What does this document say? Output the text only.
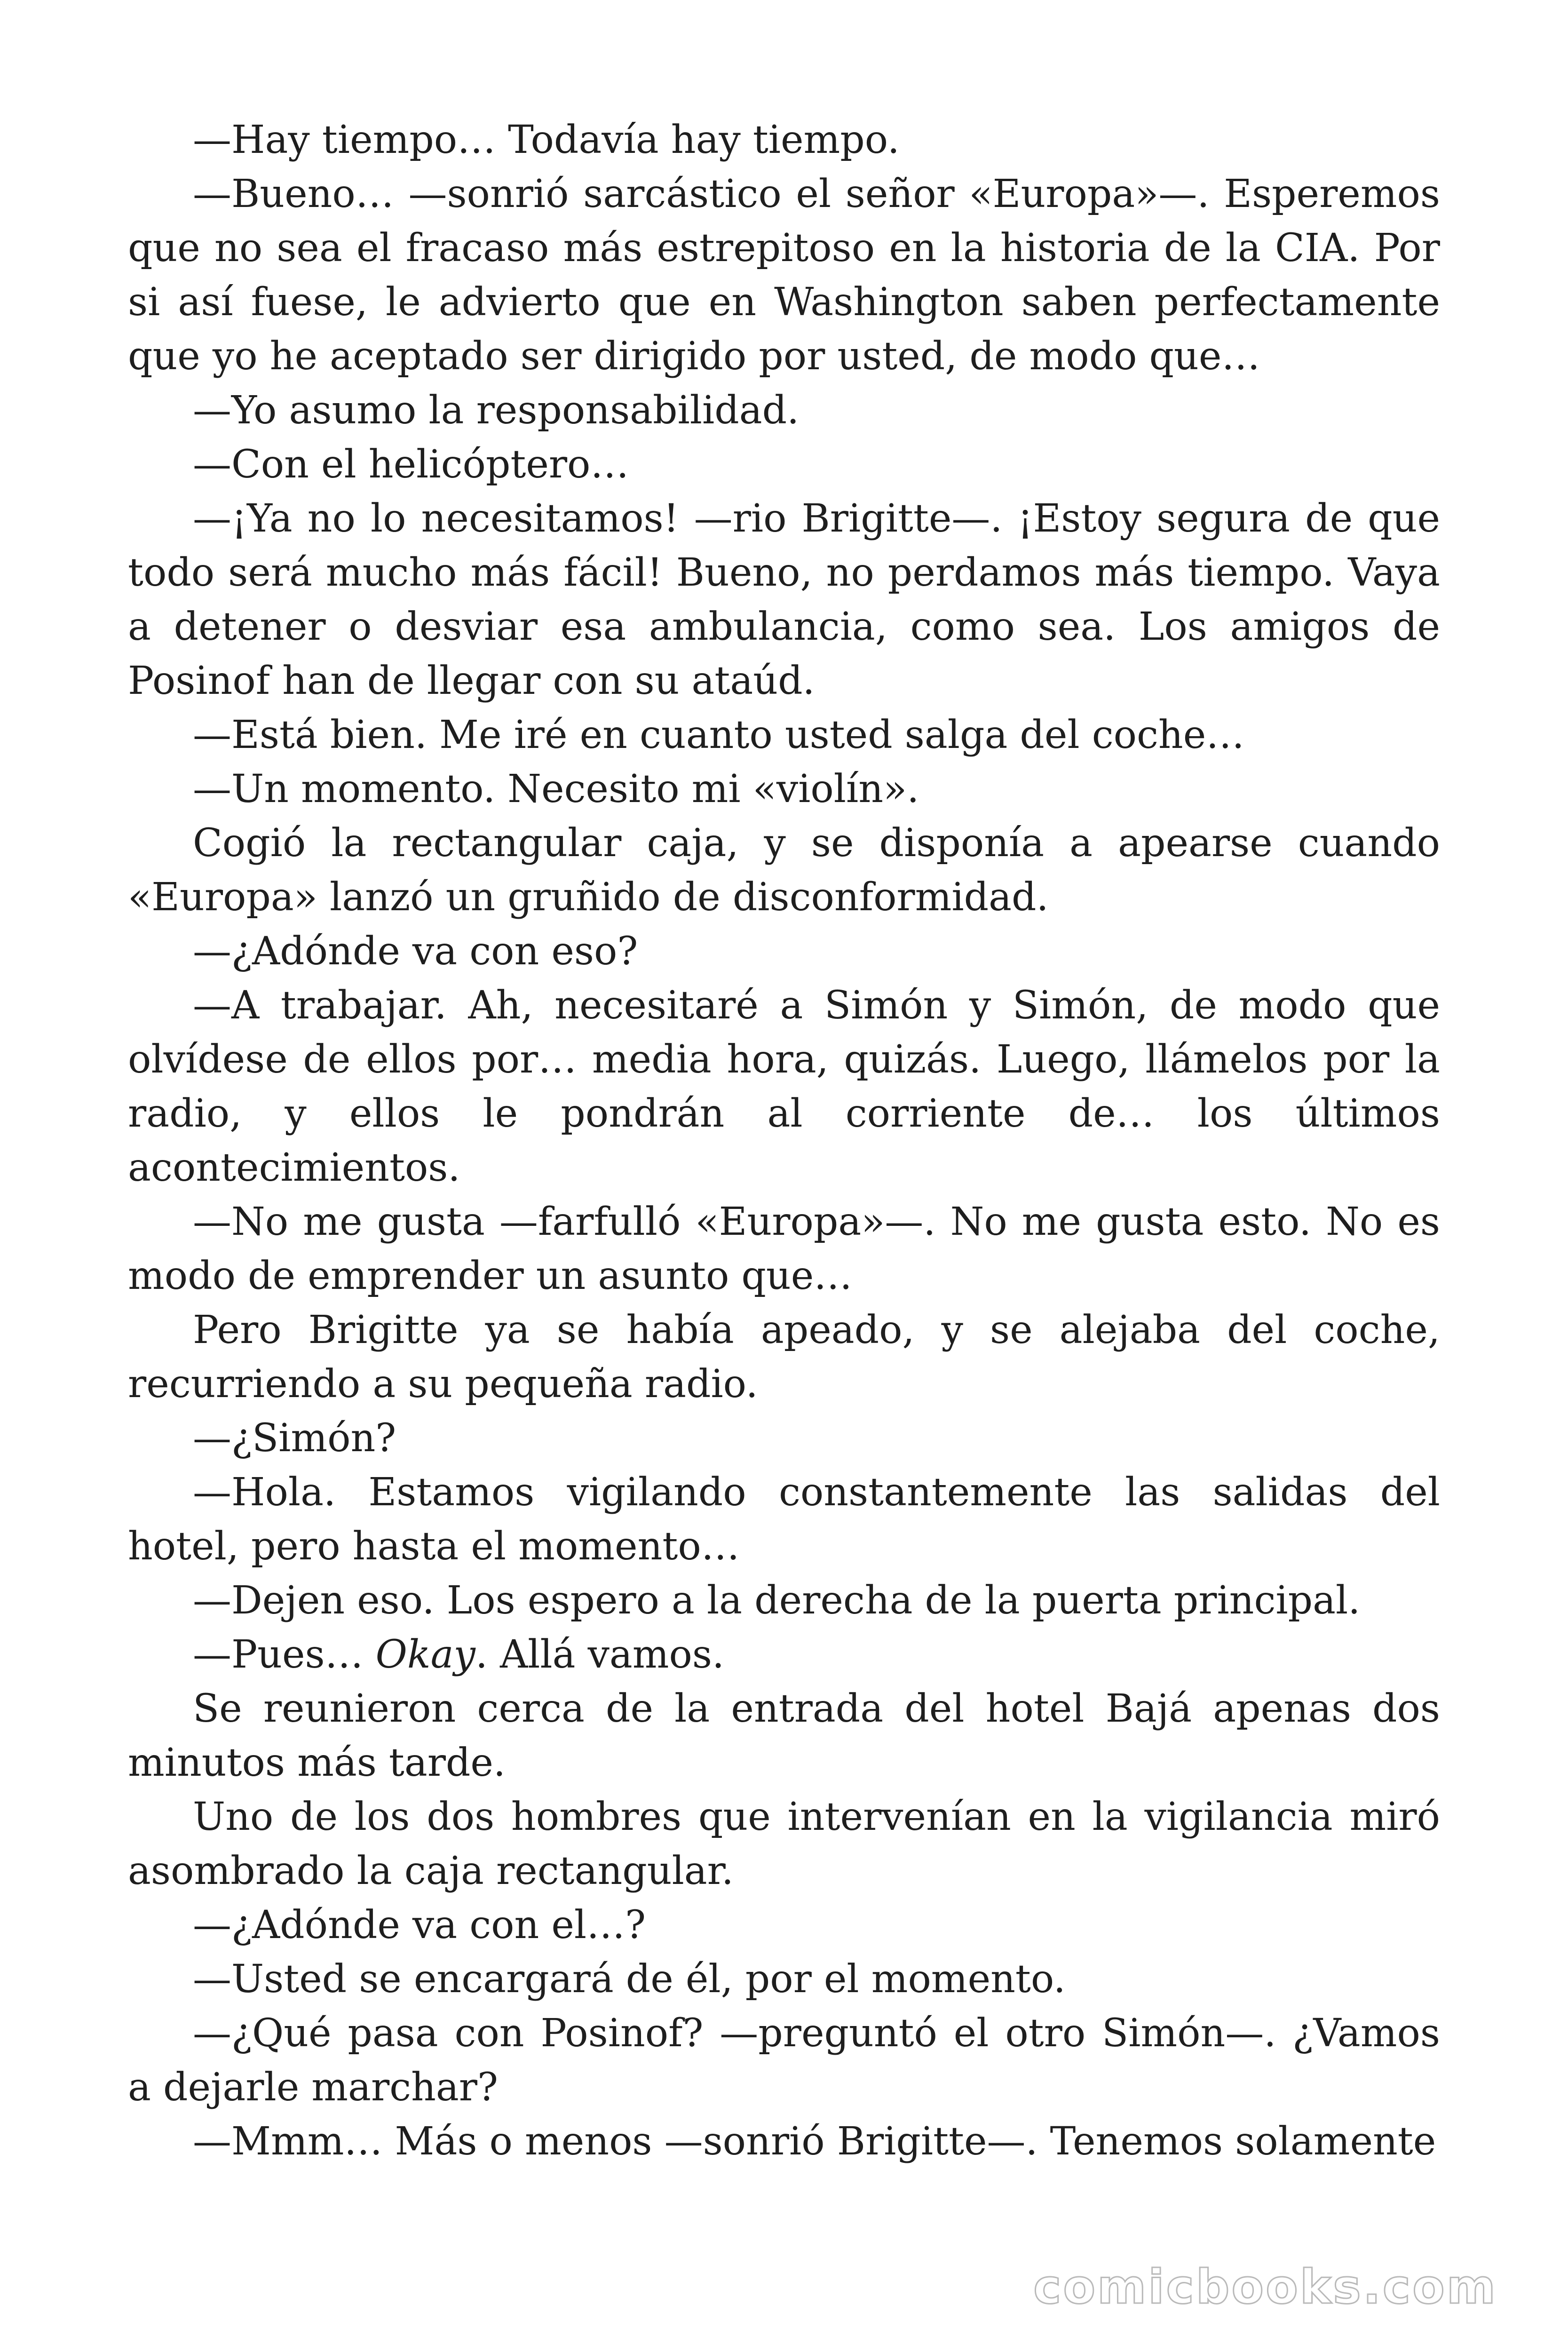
—Hay tiempo… Todavía hay tiempo.

—Bueno… —sonrió sarcástico el señor «Europa»—. Esperemos que no sea el fracaso más estrepitoso en la historia de la CIA. Por si así fuese, le advierto que en Washington saben perfectamente que yo he aceptado ser dirigido por usted, de modo que…

—Yo asumo la responsabilidad.

—Con el helicóptero…

—¡Ya no lo necesitamos! —rio Brigitte—. ¡Estoy segura de que todo será mucho más fácil! Bueno, no perdamos más tiempo. Vaya a detener o desviar esa ambulancia, como sea. Los amigos de Posinof han de llegar con su ataúd.

—Está bien. Me iré en cuanto usted salga del coche…

—Un momento. Necesito mi «violín».

Cogió la rectangular caja, y se disponía a apearse cuando «Europa» lanzó un gruñido de disconformidad.

—¿Adónde va con eso?

—A trabajar. Ah, necesitaré a Simón y Simón, de modo que olvídese de ellos por… media hora, quizás. Luego, llámelos por la radio, y ellos le pondrán al corriente de… los últimos acontecimientos.

—No me gusta —farfulló «Europa»—. No me gusta esto. No es modo de emprender un asunto que…

Pero Brigitte ya se había apeado, y se alejaba del coche, recurriendo a su pequeña radio.

—¿Simón?

—Hola. Estamos vigilando constantemente las salidas del hotel, pero hasta el momento…

—Dejen eso. Los espero a la derecha de la puerta principal.

—Pues… Okay. Allá vamos.

Se reunieron cerca de la entrada del hotel Bajá apenas dos minutos más tarde.

Uno de los dos hombres que intervenían en la vigilancia miró asombrado la caja rectangular.

—¿Adónde va con el…?

—Usted se encargará de él, por el momento.

—¿Qué pasa con Posinof? —preguntó el otro Simón—. ¿Vamos a dejarle marchar?

—Mmm… Más o menos —sonrió Brigitte—. Tenemos solamente

comicbooks.com
